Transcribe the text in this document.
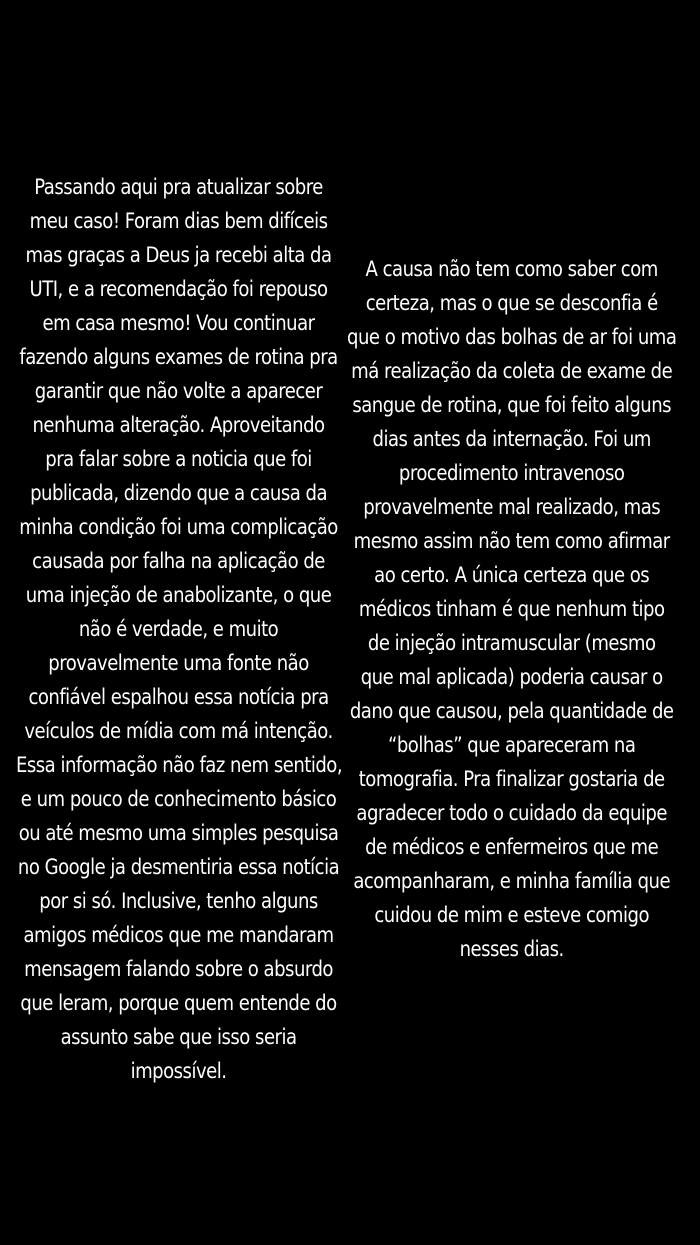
Passando aqui pra atualizar sobre
meu caso! Foram dias bem difíceis
mas graças a Deus ja recebi alta da
UTI, e a recomendação foi repouso
em casa mesmo! Vou continuar
fazendo alguns exames de rotina pra
garantir que não volte a aparecer
nenhuma alteração. Aproveitando
pra falar sobre a noticia que foi
publicada, dizendo que a causa da
minha condição foi uma complicação
causada por falha na aplicação de
uma injeção de anabolizante, o que
não é verdade, e muito
provavelmente uma fonte não
confiável espalhou essa notícia pra
veículos de mídia com má intenção.
Essa informação não faz nem sentido,
e um pouco de conhecimento básico
ou até mesmo uma simples pesquisa
no Google ja desmentiria essa notícia
por si só. Inclusive, tenho alguns
amigos médicos que me mandaram
mensagem falando sobre o absurdo
que leram, porque quem entende do
assunto sabe que isso seria
impossível.
A causa não tem como saber com
certeza, mas o que se desconfia é
que o motivo das bolhas de ar foi uma
má realização da coleta de exame de
sangue de rotina, que foi feito alguns
dias antes da internação. Foi um
procedimento intravenoso
provavelmente mal realizado, mas
mesmo assim não tem como afirmar
ao certo. A única certeza que os
médicos tinham é que nenhum tipo
de injeção intramuscular (mesmo
que mal aplicada) poderia causar o
dano que causou, pela quantidade de
“bolhas” que apareceram na
tomografia. Pra finalizar gostaria de
agradecer todo o cuidado da equipe
de médicos e enfermeiros que me
acompanharam, e minha família que
cuidou de mim e esteve comigo
nesses dias.
